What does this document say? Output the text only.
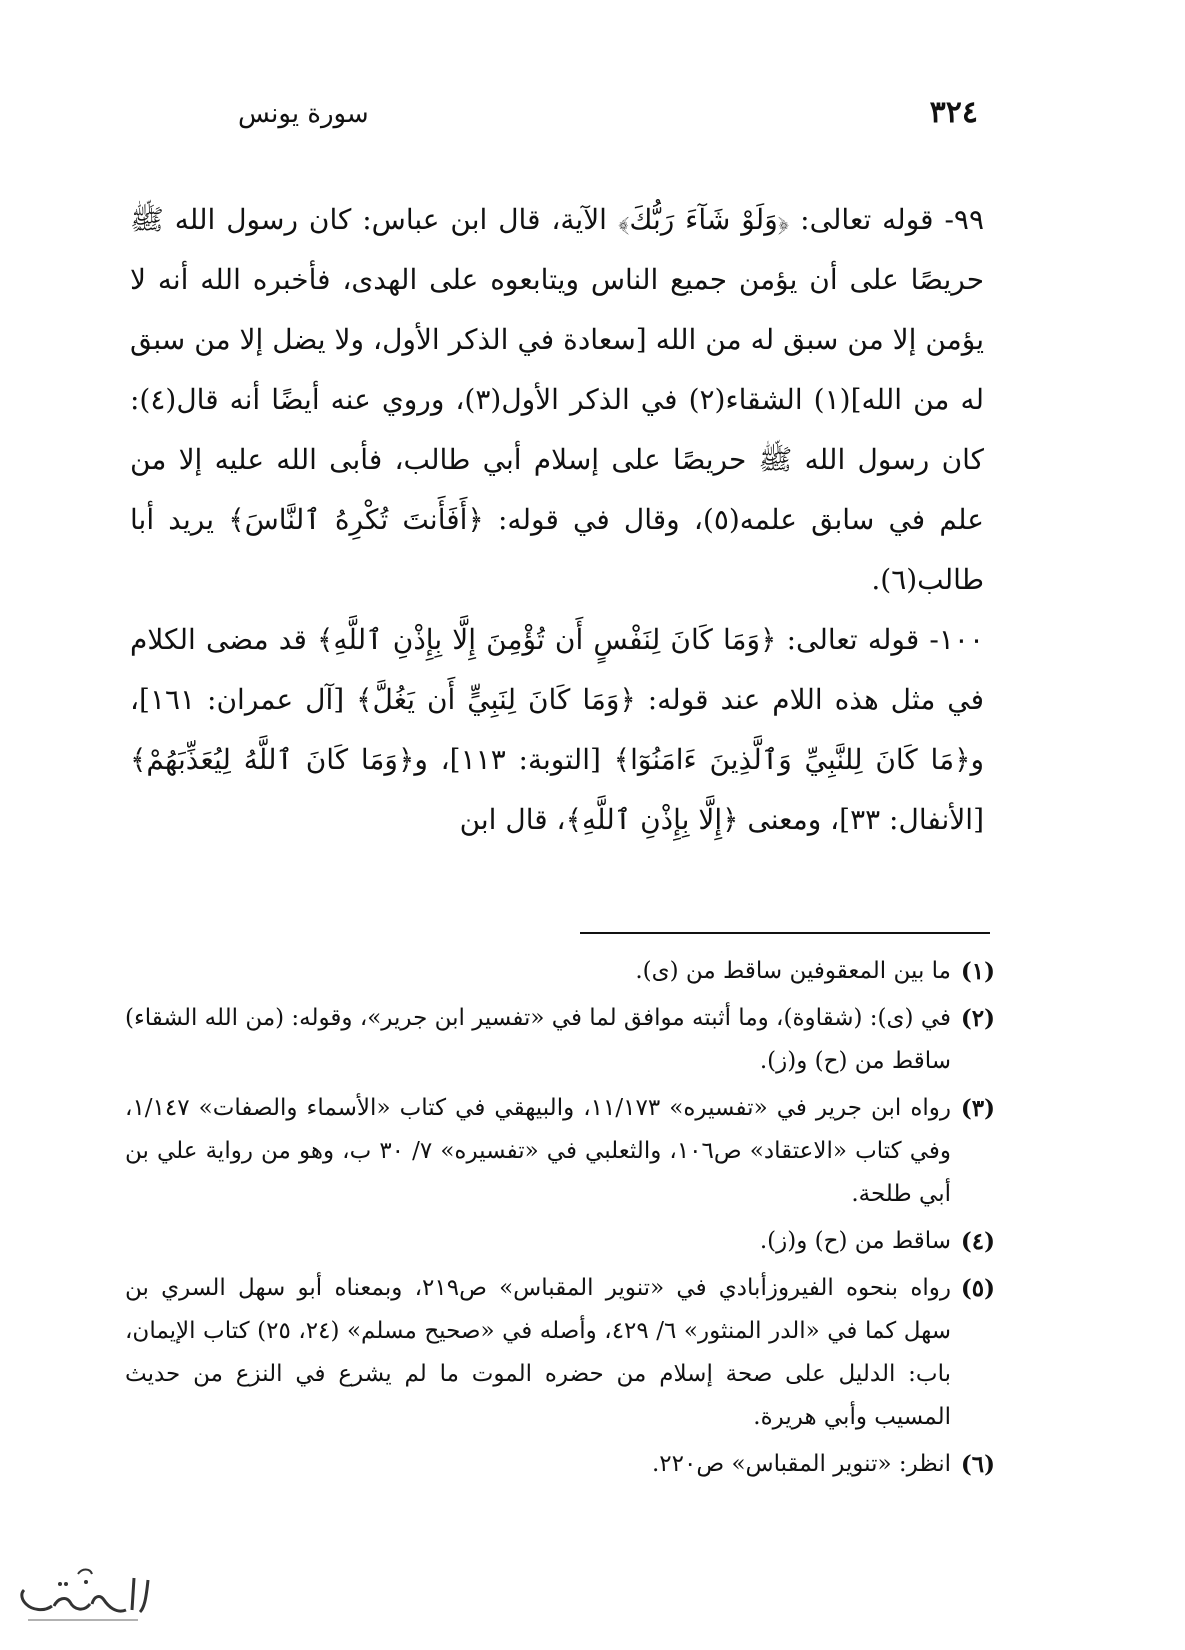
٣٢٤
سورة يونس

٩٩- قوله تعالى: ﴿وَلَوْ شَآءَ رَبُّكَ﴾ الآية، قال ابن عباس: كان رسول الله ﷺ حريصًا على أن يؤمن جميع الناس ويتابعوه على الهدى، فأخبره الله أنه لا يؤمن إلا من سبق له من الله [سعادة في الذكر الأول، ولا يضل إلا من سبق له من الله](١) الشقاء(٢) في الذكر الأول(٣)، وروي عنه أيضًا أنه قال(٤): كان رسول الله ﷺ حريصًا على إسلام أبي طالب، فأبى الله عليه إلا من علم في سابق علمه(٥)، وقال في قوله: ﴿أَفَأَنتَ تُكْرِهُ ٱلنَّاسَ﴾ يريد أبا طالب(٦).

١٠٠- قوله تعالى: ﴿وَمَا كَانَ لِنَفْسٍ أَن تُؤْمِنَ إِلَّا بِإِذْنِ ٱللَّهِ﴾ قد مضى الكلام في مثل هذه اللام عند قوله: ﴿وَمَا كَانَ لِنَبِيٍّ أَن يَغُلَّ﴾ [آل عمران: ١٦١]، و﴿مَا كَانَ لِلنَّبِيِّ وَٱلَّذِينَ ءَامَنُوٓا﴾ [التوبة: ١١٣]، و﴿وَمَا كَانَ ٱللَّهُ لِيُعَذِّبَهُمْ﴾ [الأنفال: ٣٣]، ومعنى ﴿إِلَّا بِإِذْنِ ٱللَّهِ﴾، قال ابن

(١)
ما بين المعقوفين ساقط من (ى).
(٢)
في (ى): (شقاوة)، وما أثبته موافق لما في «تفسير ابن جرير»، وقوله: (من الله الشقاء) ساقط من (ح) و(ز).
(٣)
رواه ابن جرير في «تفسيره» ١١/١٧٣، والبيهقي في كتاب «الأسماء والصفات» ١/١٤٧، وفي كتاب «الاعتقاد» ص١٠٦، والثعلبي في «تفسيره» ٧/ ٣٠ ب، وهو من رواية علي بن أبي طلحة.
(٤)
ساقط من (ح) و(ز).
(٥)
رواه بنحوه الفيروزأبادي في «تنوير المقباس» ص٢١٩، وبمعناه أبو سهل السري بن سهل كما في «الدر المنثور» ٦/ ٤٢٩، وأصله في «صحيح مسلم» (٢٤، ٢٥) كتاب الإيمان، باب: الدليل على صحة إسلام من حضره الموت ما لم يشرع في النزع من حديث المسيب وأبي هريرة.
(٦)
انظر: «تنوير المقباس» ص٢٢٠.
